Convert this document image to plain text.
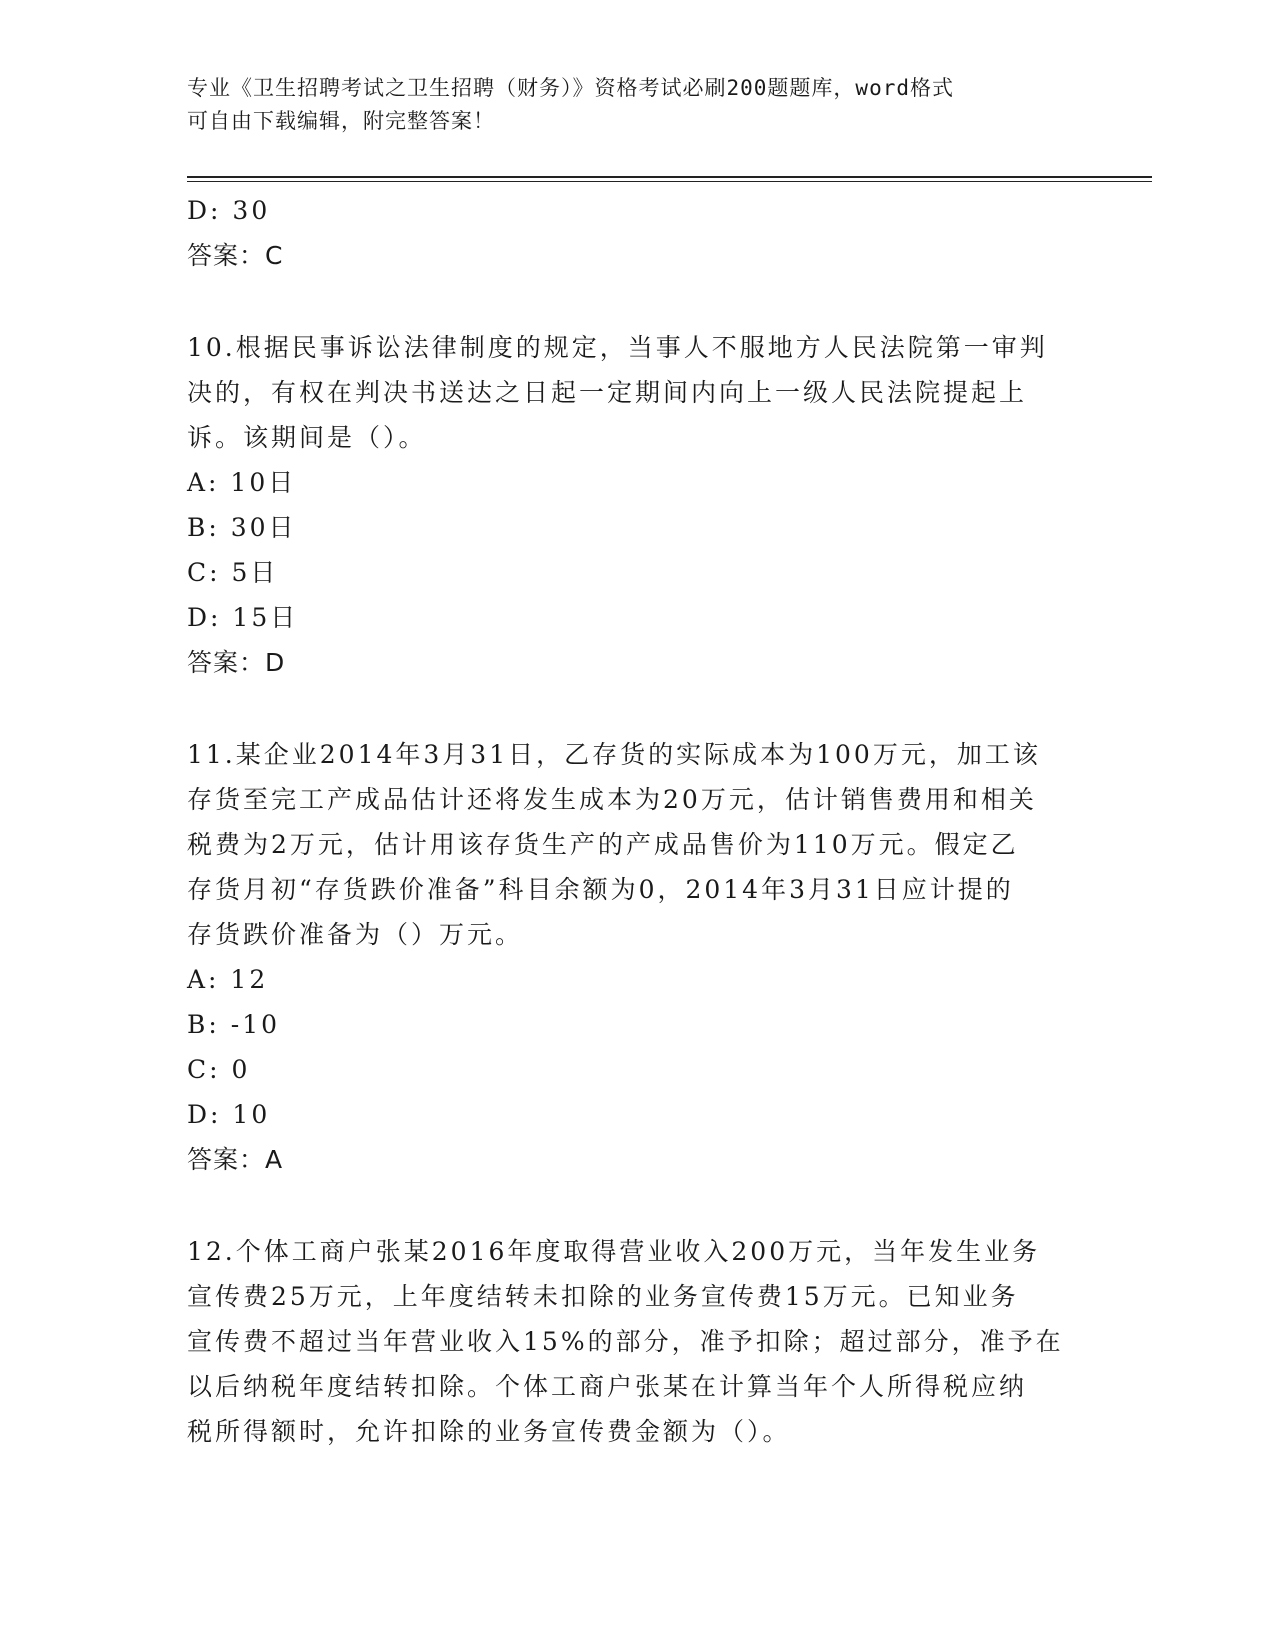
专业《卫生招聘考试之卫生招聘（财务）》资格考试必刷200题题库，word格式
可自由下载编辑，附完整答案！
D: 30
答案：C
10.根据民事诉讼法律制度的规定，当事人不服地方人民法院第一审判
决的，有权在判决书送达之日起一定期间内向上一级人民法院提起上
诉。该期间是（）。
A: 10日
B: 30日
C: 5日
D: 15日
答案：D
11.某企业2014年3月31日，乙存货的实际成本为100万元，加工该
存货至完工产成品估计还将发生成本为20万元，估计销售费用和相关
税费为2万元，估计用该存货生产的产成品售价为110万元。假定乙
存货月初“存货跌价准备”科目余额为0，2014年3月31日应计提的
存货跌价准备为（）万元。
A: 12
B: -10
C: 0
D: 10
答案：A
12.个体工商户张某2016年度取得营业收入200万元，当年发生业务
宣传费25万元，上年度结转未扣除的业务宣传费15万元。已知业务
宣传费不超过当年营业收入15%的部分，准予扣除；超过部分，准予在
以后纳税年度结转扣除。个体工商户张某在计算当年个人所得税应纳
税所得额时，允许扣除的业务宣传费金额为（）。
